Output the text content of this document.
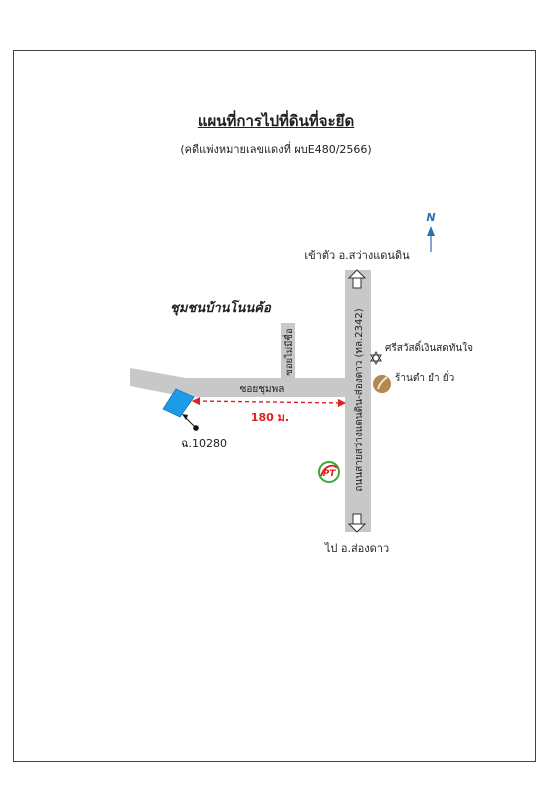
แผนที่การไปที่ดินที่จะยึด
(คดีแพ่งหมายเลขแดงที่ ผบE480/2566)
N
ฉ.10280
180 ม.
ชุมชนบ้านโนนค้อ
เข้าตัว อ.สว่างแดนดิน
ไป อ.ส่องดาว
ซอยชุมพล
ซอยไม่มีชื่อ	ถนนสายสว่างแดนดิน-ส่องดาว (ทล.2342) ศรีสวัสดิ์เงินสดทันใจ
ร้านตำ ยำ ยั่ว
PT
